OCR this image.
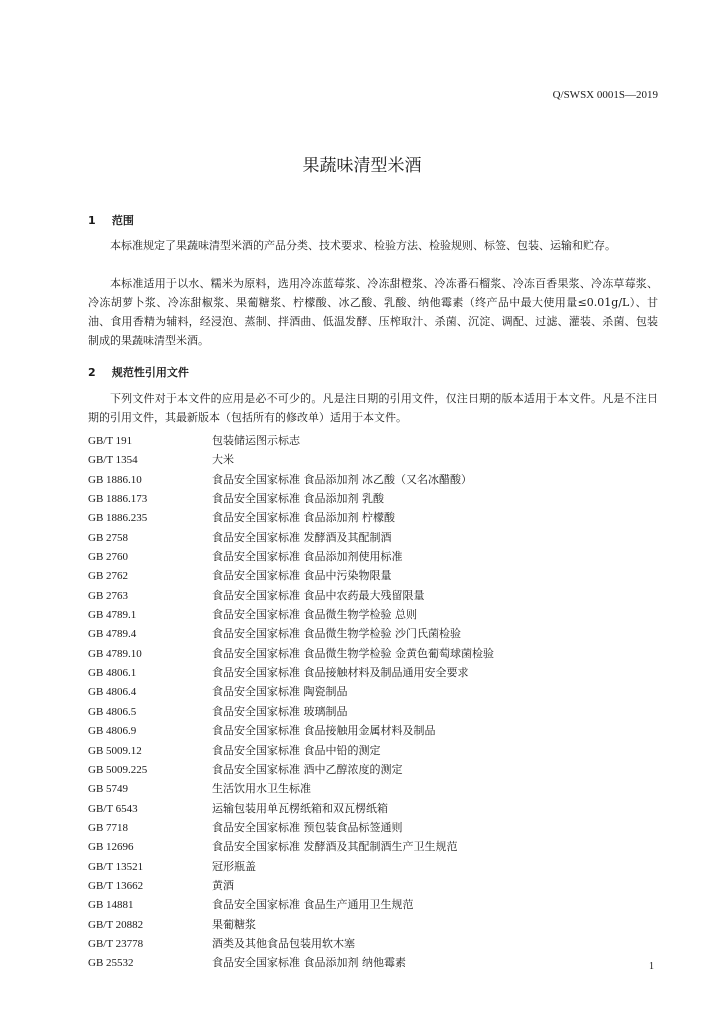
Q/SWSX 0001S—2019
果蔬味清型米酒
1 范围
本标准规定了果蔬味清型米酒的产品分类、技术要求、检验方法、检验规则、标签、包装、运输和贮存。
本标准适用于以水、糯米为原料，选用冷冻蓝莓浆、冷冻甜橙浆、冷冻番石榴浆、冷冻百香果浆、冷冻草莓浆、冷冻胡萝卜浆、冷冻甜椒浆、果葡糖浆、柠檬酸、冰乙酸、乳酸、纳他霉素（终产品中最大使用量≤0.01g/L）、甘油、食用香精为辅料，经浸泡、蒸制、拌酒曲、低温发酵、压榨取汁、杀菌、沉淀、调配、过滤、灌装、杀菌、包装制成的果蔬味清型米酒。
2 规范性引用文件
下列文件对于本文件的应用是必不可少的。凡是注日期的引用文件，仅注日期的版本适用于本文件。凡是不注日期的引用文件，其最新版本（包括所有的修改单）适用于本文件。
GB/T 191	包装储运图示标志
GB/T 1354	大米
GB 1886.10	食品安全国家标准 食品添加剂 冰乙酸（又名冰醋酸）
GB 1886.173	食品安全国家标准 食品添加剂 乳酸
GB 1886.235	食品安全国家标准 食品添加剂 柠檬酸
GB 2758	食品安全国家标准 发酵酒及其配制酒
GB 2760	食品安全国家标准 食品添加剂使用标准
GB 2762	食品安全国家标准 食品中污染物限量
GB 2763	食品安全国家标准 食品中农药最大残留限量
GB 4789.1	食品安全国家标准 食品微生物学检验 总则
GB 4789.4	食品安全国家标准 食品微生物学检验 沙门氏菌检验
GB 4789.10	食品安全国家标准 食品微生物学检验 金黄色葡萄球菌检验
GB 4806.1	食品安全国家标准 食品接触材料及制品通用安全要求
GB 4806.4	食品安全国家标准 陶瓷制品
GB 4806.5	食品安全国家标准 玻璃制品
GB 4806.9	食品安全国家标准 食品接触用金属材料及制品
GB 5009.12	食品安全国家标准 食品中铅的测定
GB 5009.225	食品安全国家标准 酒中乙醇浓度的测定
GB 5749	生活饮用水卫生标准
GB/T 6543	运输包装用单瓦楞纸箱和双瓦楞纸箱
GB 7718	食品安全国家标准 预包装食品标签通则
GB 12696	食品安全国家标准 发酵酒及其配制酒生产卫生规范
GB/T 13521	冠形瓶盖
GB/T 13662	黄酒
GB 14881	食品安全国家标准 食品生产通用卫生规范
GB/T 20882	果葡糖浆
GB/T 23778	酒类及其他食品包装用软木塞
GB 25532	食品安全国家标准 食品添加剂 纳他霉素	1
